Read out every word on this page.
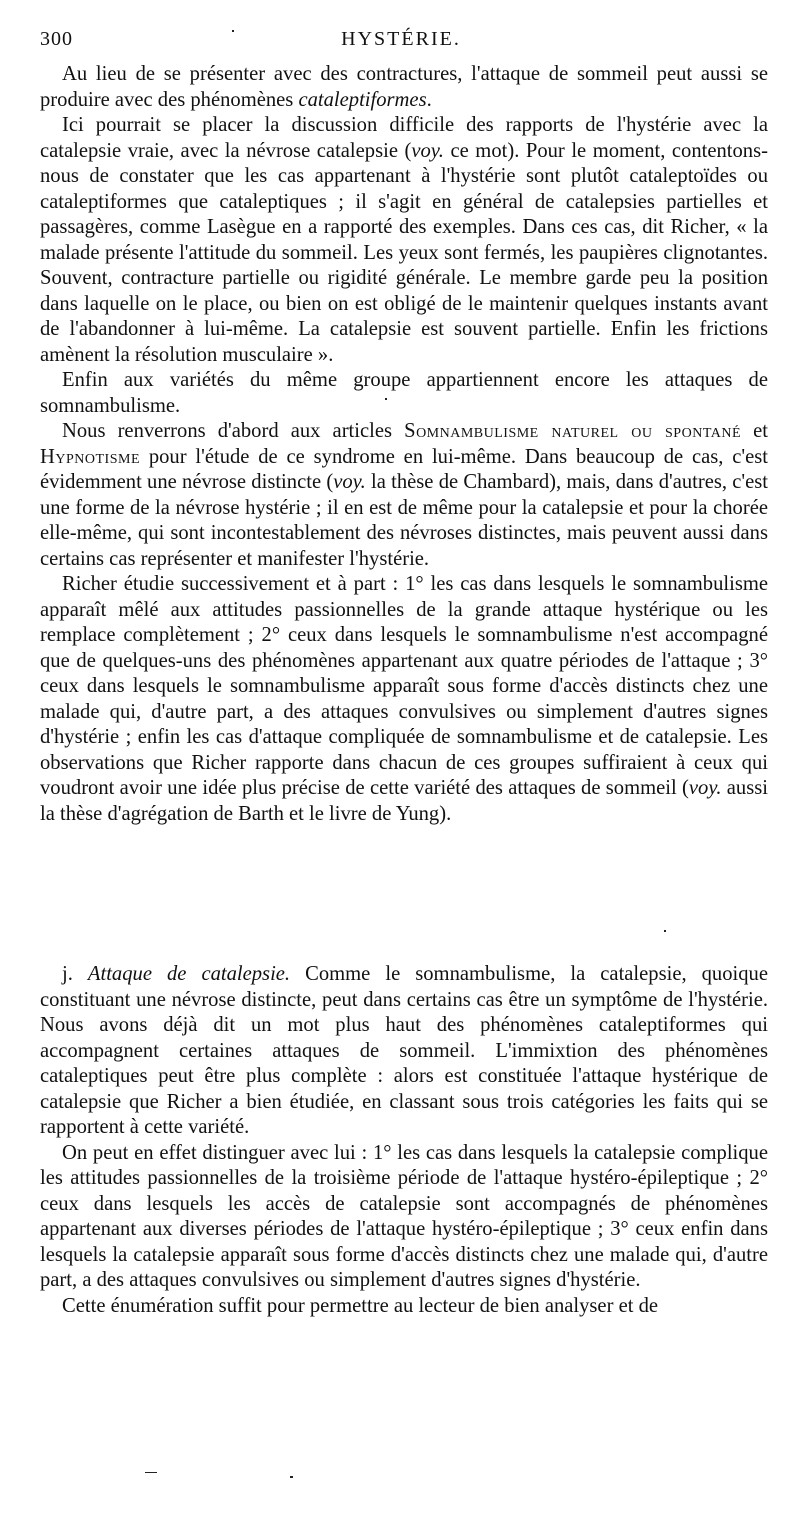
300	HYSTÉRIE.

Au lieu de se présenter avec des contractures, l'attaque de sommeil peut aussi se produire avec des phénomènes cataleptiformes.

Ici pourrait se placer la discussion difficile des rapports de l'hystérie avec la catalepsie vraie, avec la névrose catalepsie (voy. ce mot). Pour le moment, contentons-nous de constater que les cas appartenant à l'hystérie sont plutôt cataleptoïdes ou cataleptiformes que cataleptiques ; il s'agit en général de catalepsies partielles et passagères, comme Lasègue en a rapporté des exemples. Dans ces cas, dit Richer, « la malade présente l'attitude du sommeil. Les yeux sont fermés, les paupières clignotantes. Souvent, contracture partielle ou rigidité générale. Le membre garde peu la position dans laquelle on le place, ou bien on est obligé de le maintenir quelques instants avant de l'abandonner à lui-même. La catalepsie est souvent partielle. Enfin les frictions amènent la résolution musculaire ».

Enfin aux variétés du même groupe appartiennent encore les attaques de somnambulisme.

Nous renverrons d'abord aux articles Somnambulisme naturel ou spontané et Hypnotisme pour l'étude de ce syndrome en lui-même. Dans beaucoup de cas, c'est évidemment une névrose distincte (voy. la thèse de Chambard), mais, dans d'autres, c'est une forme de la névrose hystérie ; il en est de même pour la catalepsie et pour la chorée elle-même, qui sont incontestablement des névroses distinctes, mais peuvent aussi dans certains cas représenter et manifester l'hystérie.

Richer étudie successivement et à part : 1° les cas dans lesquels le somnambulisme apparaît mêlé aux attitudes passionnelles de la grande attaque hystérique ou les remplace complètement ; 2° ceux dans lesquels le somnambulisme n'est accompagné que de quelques-uns des phénomènes appartenant aux quatre périodes de l'attaque ; 3° ceux dans lesquels le somnambulisme apparaît sous forme d'accès distincts chez une malade qui, d'autre part, a des attaques convulsives ou simplement d'autres signes d'hystérie ; enfin les cas d'attaque compliquée de somnambulisme et de catalepsie. Les observations que Richer rapporte dans chacun de ces groupes suffiraient à ceux qui voudront avoir une idée plus précise de cette variété des attaques de sommeil (voy. aussi la thèse d'agrégation de Barth et le livre de Yung).

j. Attaque de catalepsie. Comme le somnambulisme, la catalepsie, quoique constituant une névrose distincte, peut dans certains cas être un symptôme de l'hystérie. Nous avons déjà dit un mot plus haut des phénomènes cataleptiformes qui accompagnent certaines attaques de sommeil. L'immixtion des phénomènes cataleptiques peut être plus complète : alors est constituée l'attaque hystérique de catalepsie que Richer a bien étudiée, en classant sous trois catégories les faits qui se rapportent à cette variété.

On peut en effet distinguer avec lui : 1° les cas dans lesquels la catalepsie complique les attitudes passionnelles de la troisième période de l'attaque hystéro-épileptique ; 2° ceux dans lesquels les accès de catalepsie sont accompagnés de phénomènes appartenant aux diverses périodes de l'attaque hystéro-épileptique ; 3° ceux enfin dans lesquels la catalepsie apparaît sous forme d'accès distincts chez une malade qui, d'autre part, a des attaques convulsives ou simplement d'autres signes d'hystérie.

Cette énumération suffit pour permettre au lecteur de bien analyser et de
